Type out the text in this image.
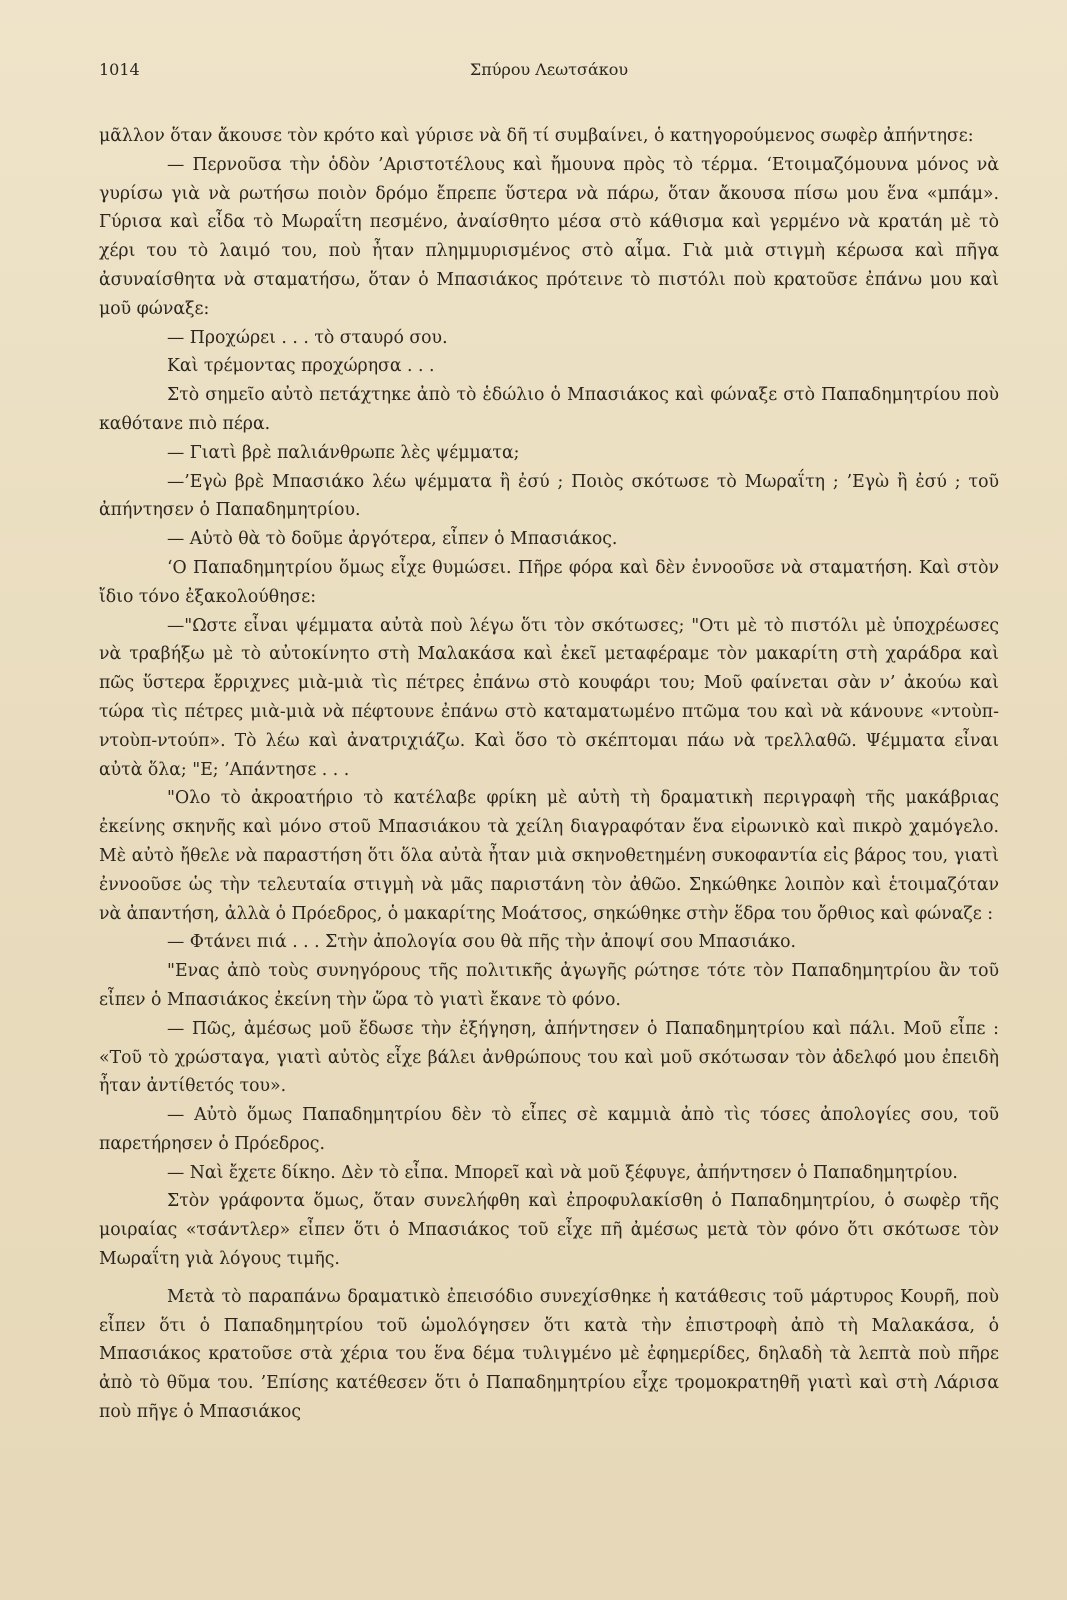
1014	Σπύρου Λεωτσάκου

μᾶλλον ὅταν ἄκουσε τὸν κρότο καὶ γύρισε νὰ δῆ τί συμβαίνει, ὁ κατηγορούμενος σωφὲρ ἀπήντησε:

— Περνοῦσα τὴν ὁδὸν ’Αριστοτέλους καὶ ἤμουνα πρὸς τὸ τέρμα. ‘Ετοιμαζόμουνα μόνος νὰ γυρίσω γιὰ νὰ ρωτήσω ποιὸν δρόμο ἔπρεπε ὕστερα νὰ πάρω, ὅταν ἄκουσα πίσω μου ἕνα «μπάμ». Γύρισα καὶ εἶδα τὸ Μωραΐτη πεσμένο, ἀναίσθητο μέσα στὸ κάθισμα καὶ γερμένο νὰ κρατάη μὲ τὸ χέρι του τὸ λαιμό του, ποὺ ἦταν πλημμυρισμένος στὸ αἷμα. Γιὰ μιὰ στιγμὴ κέρωσα καὶ πῆγα ἀσυναίσθητα νὰ σταματήσω, ὅταν ὁ Μπασιάκος πρότεινε τὸ πιστόλι ποὺ κρατοῦσε ἐπάνω μου καὶ μοῦ φώναξε:

— Προχώρει . . . τὸ σταυρό σου.

Καὶ τρέμοντας προχώρησα . . .

Στὸ σημεῖο αὐτὸ πετάχτηκε ἀπὸ τὸ ἑδώλιο ὁ Μπασιάκος καὶ φώναξε στὸ Παπαδημητρίου ποὺ καθότανε πιὸ πέρα.

— Γιατὶ βρὲ παλιάνθρωπε λὲς ψέμματα;

—’Εγὼ βρὲ Μπασιάκο λέω ψέμματα ἢ ἐσύ ; Ποιὸς σκότωσε τὸ Μωραΐτη ; ’Εγὼ ἢ ἐσύ ; τοῦ ἀπήντησεν ὁ Παπαδημητρίου.

— Αὐτὸ θὰ τὸ δοῦμε ἀργότερα, εἶπεν ὁ Μπασιάκος.

‘Ο Παπαδημητρίου ὅμως εἶχε θυμώσει. Πῆρε φόρα καὶ δὲν ἐννοοῦσε νὰ σταματήση. Καὶ στὸν ἴδιο τόνο ἐξακολούθησε:

—"Ωστε εἶναι ψέμματα αὐτὰ ποὺ λέγω ὅτι τὸν σκότωσες; "Οτι μὲ τὸ πιστόλι μὲ ὑποχρέωσες νὰ τραβήξω μὲ τὸ αὐτοκίνητο στὴ Μαλακάσα καὶ ἐκεῖ μεταφέραμε τὸν μακαρίτη στὴ χαράδρα καὶ πῶς ὕστερα ἔρριχνες μιὰ-μιὰ τὶς πέτρες ἐπάνω στὸ κουφάρι του; Μοῦ φαίνεται σὰν ν’ ἀκούω καὶ τώρα τὶς πέτρες μιὰ-μιὰ νὰ πέφτουνε ἐπάνω στὸ καταματωμένο πτῶμα του καὶ νὰ κάνουνε «ντοὺπ-ντοὺπ-ντούπ». Τὸ λέω καὶ ἀνατριχιάζω. Καὶ ὅσο τὸ σκέπτομαι πάω νὰ τρελλαθῶ. Ψέμματα εἶναι αὐτὰ ὅλα; "Ε; ’Απάντησε . . .

"Ολο τὸ ἀκροατήριο τὸ κατέλαβε φρίκη μὲ αὐτὴ τὴ δραματικὴ περιγραφὴ τῆς μακάβριας ἐκείνης σκηνῆς καὶ μόνο στοῦ Μπασιάκου τὰ χείλη διαγραφόταν ἕνα εἰρωνικὸ καὶ πικρὸ χαμόγελο. Μὲ αὐτὸ ἤθελε νὰ παραστήση ὅτι ὅλα αὐτὰ ἦταν μιὰ σκηνοθετημένη συκοφαντία εἰς βάρος του, γιατὶ ἐννοοῦσε ὡς τὴν τελευταία στιγμὴ νὰ μᾶς παριστάνη τὸν ἀθῶο. Σηκώθηκε λοιπὸν καὶ ἑτοιμαζόταν νὰ ἀπαντήση, ἀλλὰ ὁ Πρόεδρος, ὁ μακαρίτης Μοάτσος, σηκώθηκε στὴν ἕδρα του ὄρθιος καὶ φώναζε :

— Φτάνει πιά . . . Στὴν ἀπολογία σου θὰ πῆς τὴν ἀποψί σου Μπασιάκο.

"Ενας ἀπὸ τοὺς συνηγόρους τῆς πολιτικῆς ἀγωγῆς ρώτησε τότε τὸν Παπαδημητρίου ἂν τοῦ εἶπεν ὁ Μπασιάκος ἐκείνη τὴν ὥρα τὸ γιατὶ ἔκανε τὸ φόνο.

— Πῶς, ἀμέσως μοῦ ἔδωσε τὴν ἐξήγηση, ἀπήντησεν ὁ Παπαδημητρίου καὶ πάλι. Μοῦ εἶπε : «Τοῦ τὸ χρώσταγα, γιατὶ αὐτὸς εἶχε βάλει ἀνθρώπους του καὶ μοῦ σκότωσαν τὸν ἀδελφό μου ἐπειδὴ ἦταν ἀντίθετός του».

— Αὐτὸ ὅμως Παπαδημητρίου δὲν τὸ εἶπες σὲ καμμιὰ ἀπὸ τὶς τόσες ἀπολογίες σου, τοῦ παρετήρησεν ὁ Πρόεδρος.

— Ναὶ ἔχετε δίκηο. Δὲν τὸ εἶπα. Μπορεῖ καὶ νὰ μοῦ ξέφυγε, ἀπήντησεν ὁ Παπαδημητρίου.

Στὸν γράφοντα ὅμως, ὅταν συνελήφθη καὶ ἐπροφυλακίσθη ὁ Παπαδημητρίου, ὁ σωφὲρ τῆς μοιραίας «τσάντλερ» εἶπεν ὅτι ὁ Μπασιάκος τοῦ εἶχε πῆ ἀμέσως μετὰ τὸν φόνο ὅτι σκότωσε τὸν Μωραΐτη γιὰ λόγους τιμῆς.

Μετὰ τὸ παραπάνω δραματικὸ ἐπεισόδιο συνεχίσθηκε ἡ κατάθεσις τοῦ μάρτυρος Κουρῆ, ποὺ εἶπεν ὅτι ὁ Παπαδημητρίου τοῦ ὡμολόγησεν ὅτι κατὰ τὴν ἐπιστροφὴ ἀπὸ τὴ Μαλακάσα, ὁ Μπασιάκος κρατοῦσε στὰ χέρια του ἕνα δέμα τυλιγμένο μὲ ἐφημερίδες, δηλαδὴ τὰ λεπτὰ ποὺ πῆρε ἀπὸ τὸ θῦμα του. ’Επίσης κατέθεσεν ὅτι ὁ Παπαδημητρίου εἶχε τρομοκρατηθῆ γιατὶ καὶ στὴ Λάρισα ποὺ πῆγε ὁ Μπασιάκος
